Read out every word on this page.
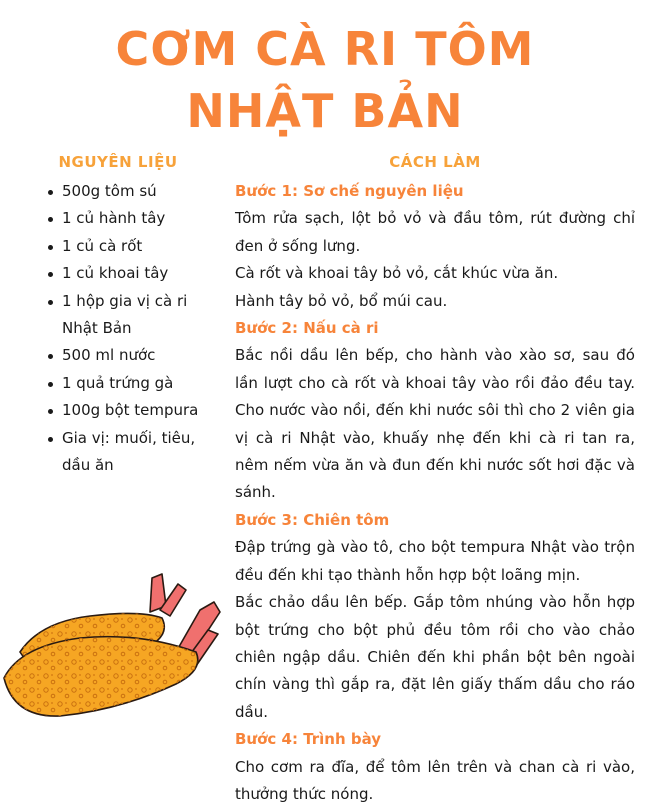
CƠM CÀ RI TÔM
NHẬT BẢN
NGUYÊN LIỆU
500g tôm sú
1 củ hành tây
1 củ cà rốt
1 củ khoai tây
1 hộp gia vị cà ri Nhật Bản
500 ml nước
1 quả trứng gà
100g bột tempura
Gia vị: muối, tiêu, dầu ăn
CÁCH LÀM
Bước 1: Sơ chế nguyên liệu

Tôm rửa sạch, lột bỏ vỏ và đầu tôm, rút đường chỉ đen ở sống lưng.

Cà rốt và khoai tây bỏ vỏ, cắt khúc vừa ăn.

Hành tây bỏ vỏ, bổ múi cau.

Bước 2: Nấu cà ri

Bắc nồi dầu lên bếp, cho hành vào xào sơ, sau đó lần lượt cho cà rốt và khoai tây vào rồi đảo đều tay. Cho nước vào nồi, đến khi nước sôi thì cho 2 viên gia vị cà ri Nhật vào, khuấy nhẹ đến khi cà ri tan ra, nêm nếm vừa ăn và đun đến khi nước sốt hơi đặc và sánh.

Bước 3: Chiên tôm

Đập trứng gà vào tô, cho bột tempura Nhật vào trộn đều đến khi tạo thành hỗn hợp bột loãng mịn.

Bắc chảo dầu lên bếp. Gắp tôm nhúng vào hỗn hợp bột trứng cho bột phủ đều tôm rồi cho vào chảo chiên ngập dầu. Chiên đến khi phần bột bên ngoài chín vàng thì gắp ra, đặt lên giấy thấm dầu cho ráo dầu.

Bước 4: Trình bày

Cho cơm ra đĩa, để tôm lên trên và chan cà ri vào, thưởng thức nóng.
